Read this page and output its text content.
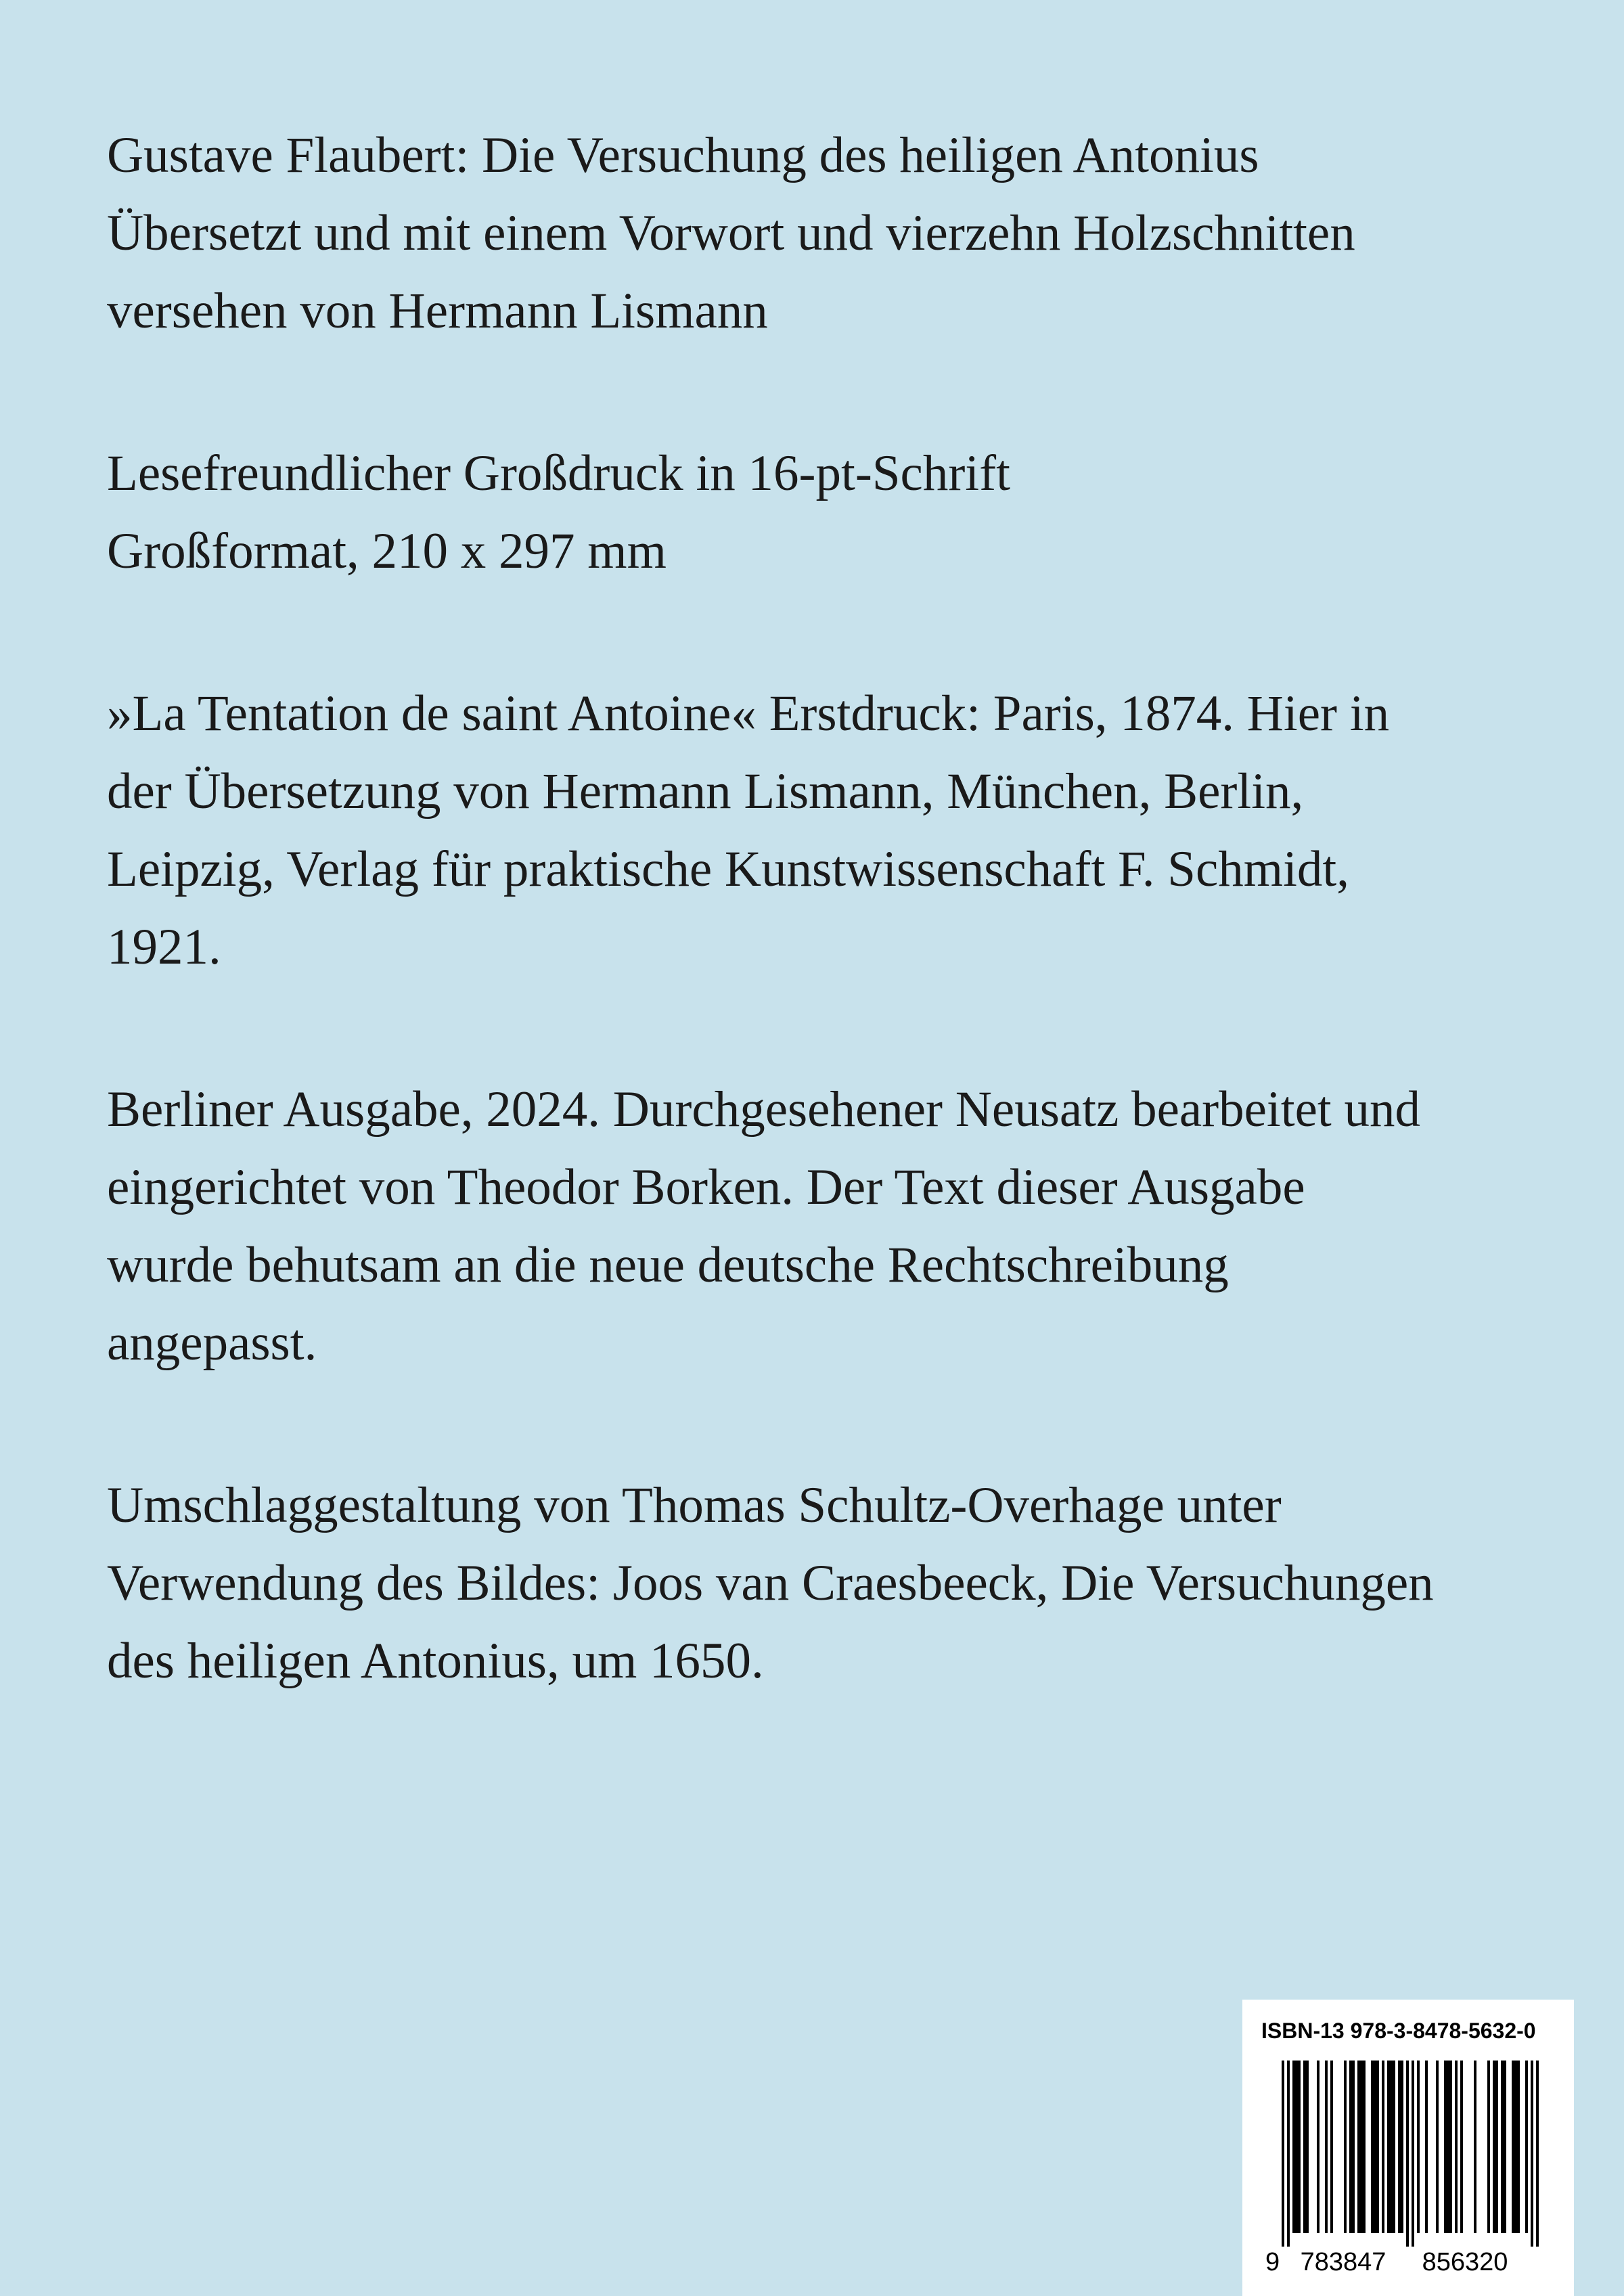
Gustave Flaubert: Die Versuchung des heiligen Antonius
Übersetzt und mit einem Vorwort und vierzehn Holzschnitten
versehen von Hermann Lismann
Lesefreundlicher Großdruck in 16-pt-Schrift
Großformat, 210 x 297 mm
»La Tentation de saint Antoine« Erstdruck: Paris, 1874. Hier in
der Übersetzung von Hermann Lismann, München, Berlin,
Leipzig, Verlag für praktische Kunstwissenschaft F. Schmidt,
1921.
Berliner Ausgabe, 2024. Durchgesehener Neusatz bearbeitet und
eingerichtet von Theodor Borken. Der Text dieser Ausgabe
wurde behutsam an die neue deutsche Rechtschreibung
angepasst.
Umschlaggestaltung von Thomas Schultz-Overhage unter
Verwendung des Bildes: Joos van Craesbeeck, Die Versuchungen
des heiligen Antonius, um 1650.
ISBN-13 978-3-8478-5632-0
9 783847 856320
